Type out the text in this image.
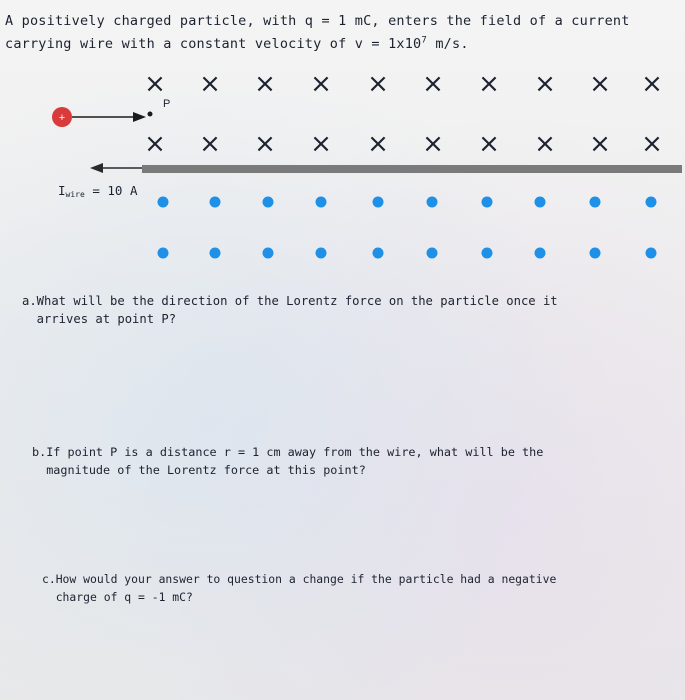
A positively charged particle, with q = 1 mC, enters the field of a current
carrying wire with a constant velocity of $v = 1x10^7$ m/s.

× × × × × × × × × ×
× × × × × × × × × ×
+
P
Iwire = 10 A

a.What will be the direction of the Lorentz force on the particle once it
arrives at point P?

b.If point P is a distance r = 1 cm away from the wire, what will be the
magnitude of the Lorentz force at this point?

c.How would your answer to question a change if the particle had a negative
charge of q = -1 mC?
